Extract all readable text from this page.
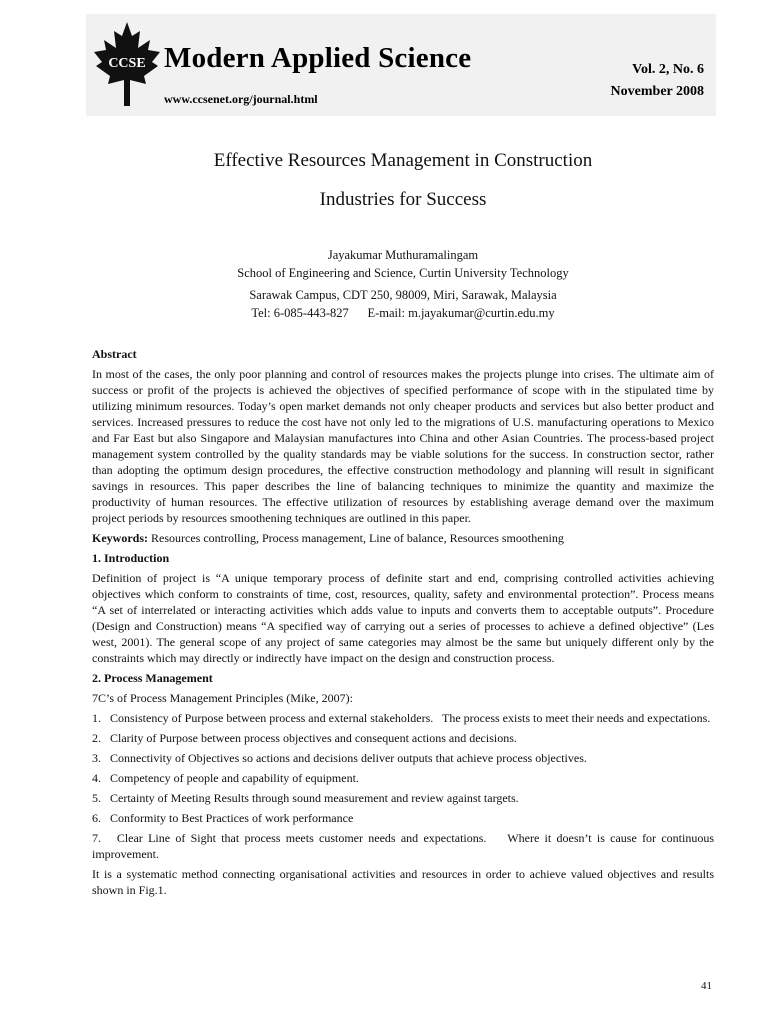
CCSE Modern Applied Science
www.ccsenet.org/journal.html
Vol. 2, No. 6
November 2008
Effective Resources Management in Construction
Industries for Success
Jayakumar Muthuramalingam
School of Engineering and Science, Curtin University Technology
Sarawak Campus, CDT 250, 98009, Miri, Sarawak, Malaysia
Tel: 6-085-443-827      E-mail: m.jayakumar@curtin.edu.my
Abstract

In most of the cases, the only poor planning and control of resources makes the projects plunge into crises. The ultimate aim of success or profit of the projects is achieved the objectives of specified performance of scope with in the stipulated time by utilizing minimum resources. Today’s open market demands not only cheaper products and services but also better product and services. Increased pressures to reduce the cost have not only led to the migrations of U.S. manufacturing operations to Mexico and Far East but also Singapore and Malaysian manufactures into China and other Asian Countries. The process-based project management system controlled by the quality standards may be viable solutions for the success. In construction sector, rather than adopting the optimum design procedures, the effective construction methodology and planning will result in significant savings in resources. This paper describes the line of balancing techniques to minimize the quantity and maximize the productivity of human resources. The effective utilization of resources by establishing average demand over the maximum project periods by resources smoothening techniques are outlined in this paper.

Keywords: Resources controlling, Process management, Line of balance, Resources smoothening

1. Introduction

Definition of project is “A unique temporary process of definite start and end, comprising controlled activities achieving objectives which conform to constraints of time, cost, resources, quality, safety and environmental protection”. Process means “A set of interrelated or interacting activities which adds value to inputs and converts them to acceptable outputs”. Procedure (Design and Construction) means “A specified way of carrying out a series of processes to achieve a defined objective” (Les west, 2001). The general scope of any project of same categories may almost be the same but uniquely different only by the constraints which may directly or indirectly have impact on the design and construction process.

2. Process Management

7C’s of Process Management Principles (Mike, 2007):

1.   Consistency of Purpose between process and external stakeholders.   The process exists to meet their needs and expectations.

2.   Clarity of Purpose between process objectives and consequent actions and decisions.

3.   Connectivity of Objectives so actions and decisions deliver outputs that achieve process objectives.

4.   Competency of people and capability of equipment.

5.   Certainty of Meeting Results through sound measurement and review against targets.

6.   Conformity to Best Practices of work performance

7.   Clear Line of Sight that process meets customer needs and expectations.    Where it doesn’t is cause for continuous improvement.

It is a systematic method connecting organisational activities and resources in order to achieve valued objectives and results shown in Fig.1.

41
